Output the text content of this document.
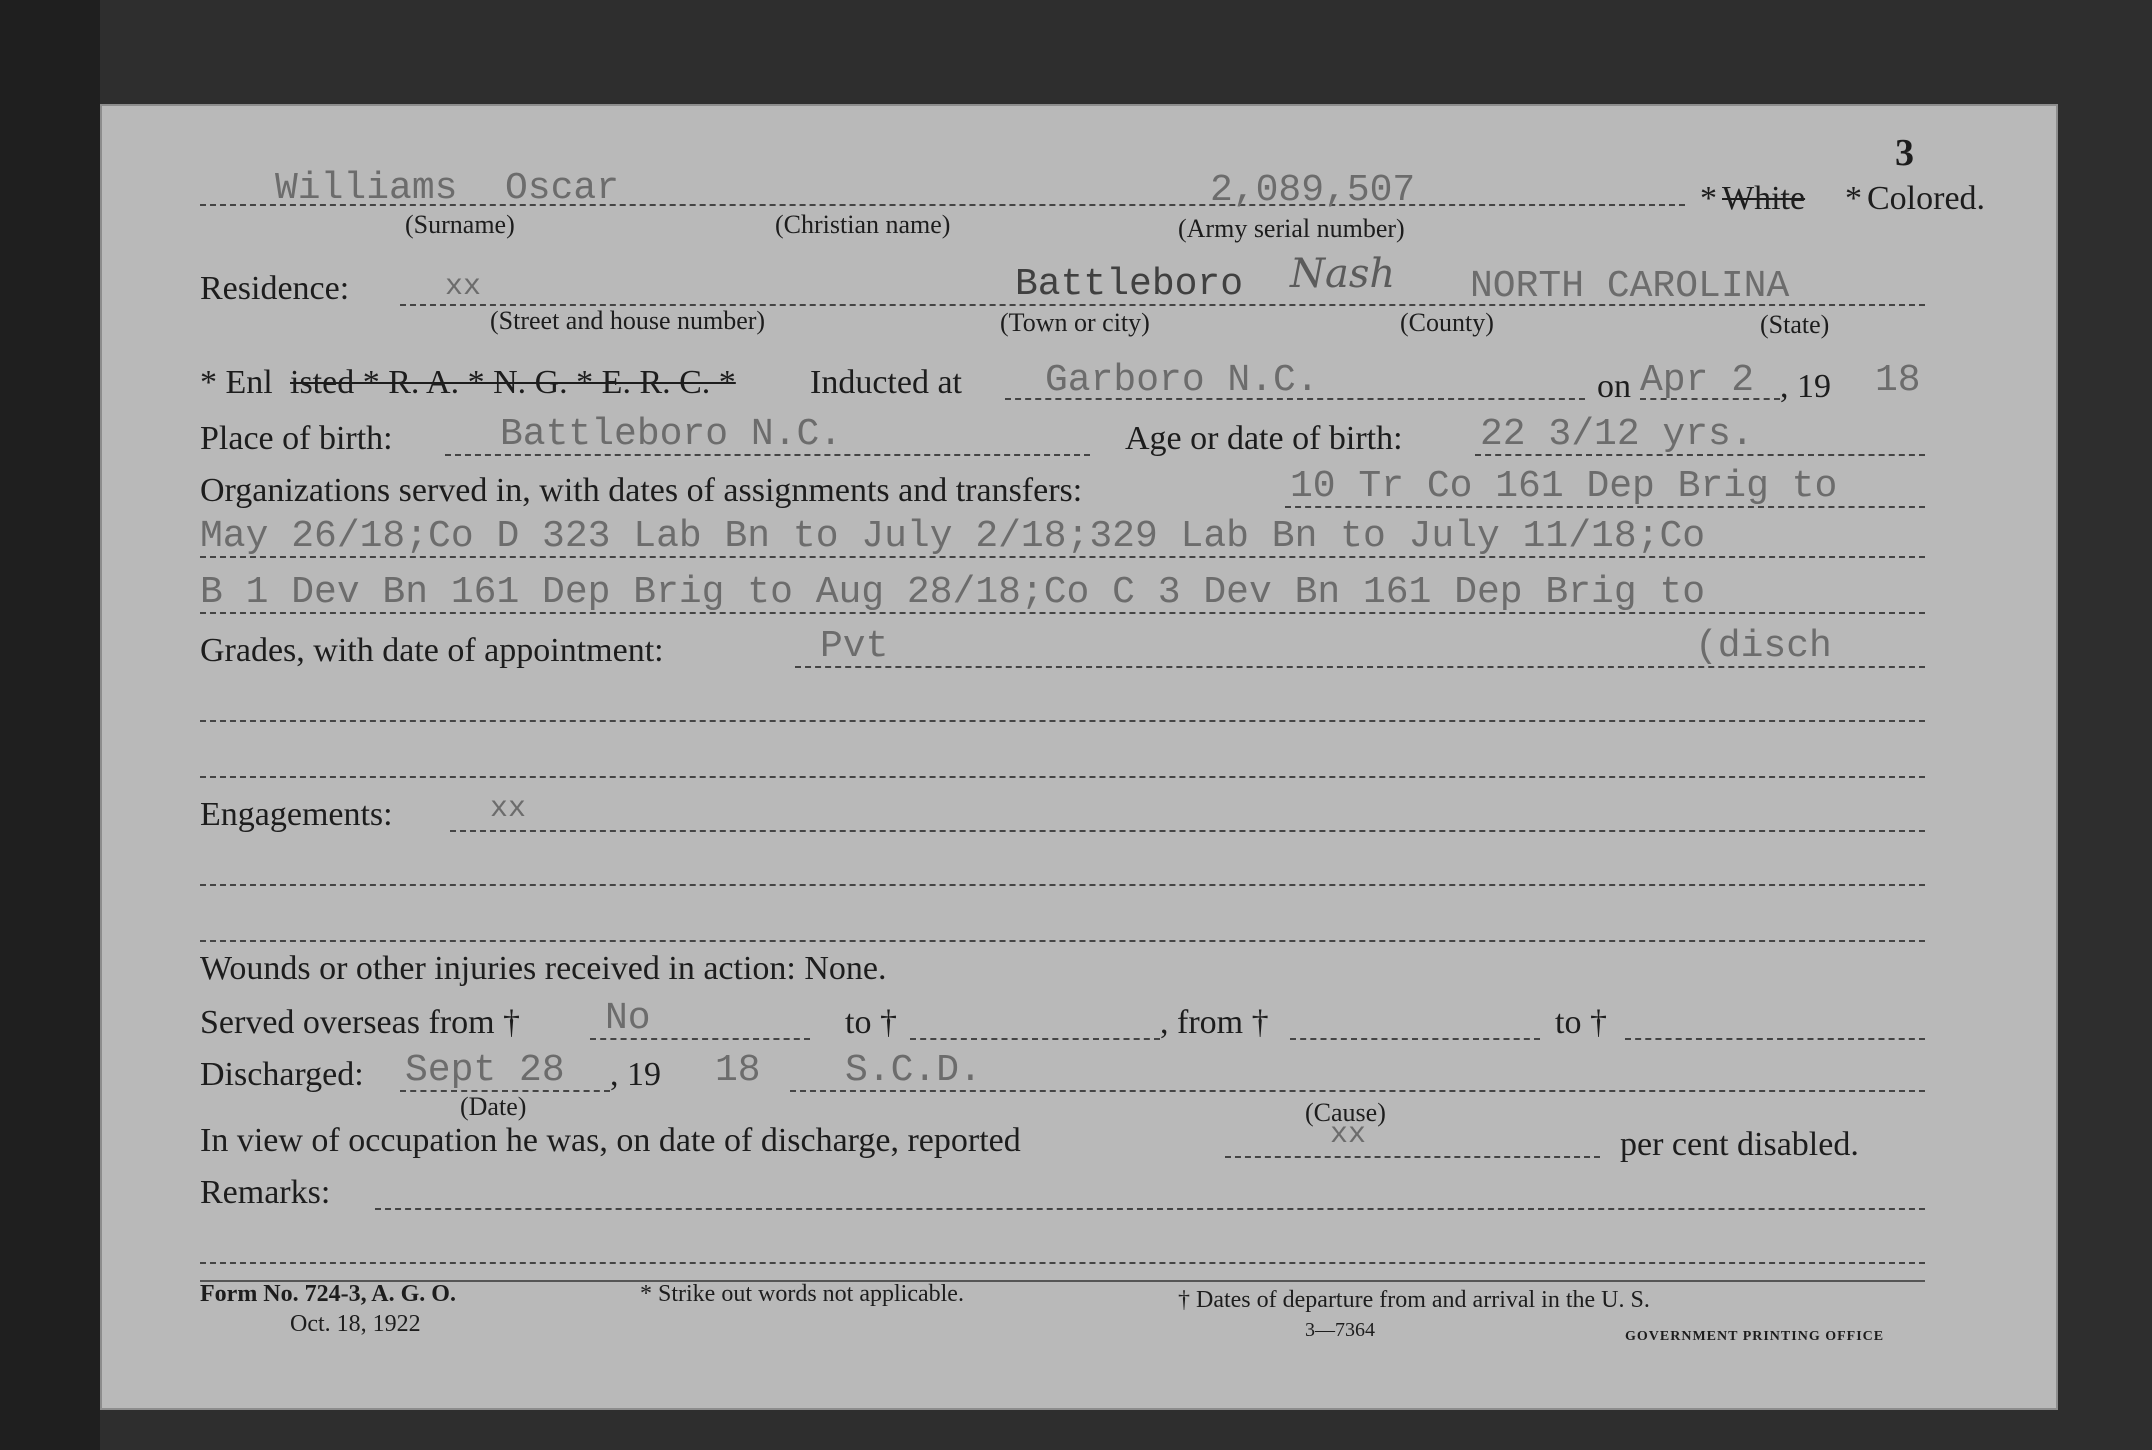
3
Williams Oscar	2,089,507	* White * Colored.
(Surname)	(Christian name)	(Army serial number)
Residence:	xx	Battleboro Nash NORTH CAROLINA
(Street and house number)	(Town or city)	(County)	(State)
* Enl isted * R. A. * N. G. * E. R. C. * Inducted at Garboro N.C.	on Apr 2 , 19 18
Place of birth:	Battleboro N.C.	Age or date of birth: 22 3/12 yrs.
Organizations served in, with dates of assignments and transfers:	10 Tr Co 161 Dep Brig to
May 26/18;Co D 323 Lab Bn to July 2/18;329 Lab Bn to July 11/18;Co
B 1 Dev Bn 161 Dep Brig to Aug 28/18;Co C 3 Dev Bn 161 Dep Brig to
Grades, with date of appointment:	Pvt	(disch
Engagements:	xx
Wounds or other injuries received in action: None.
Served overseas from † No	to †	, from †	to †
Discharged: Sept 28 , 19 18 S.C.D.
(Date)	(Cause)
In view of occupation he was, on date of discharge, reported	xx	per cent disabled.
Remarks:
Form No. 724-3, A. G. O.
Oct. 18, 1922
* Strike out words not applicable.	† Dates of departure from and arrival in the U. S.
3—7364	GOVERNMENT PRINTING OFFICE
